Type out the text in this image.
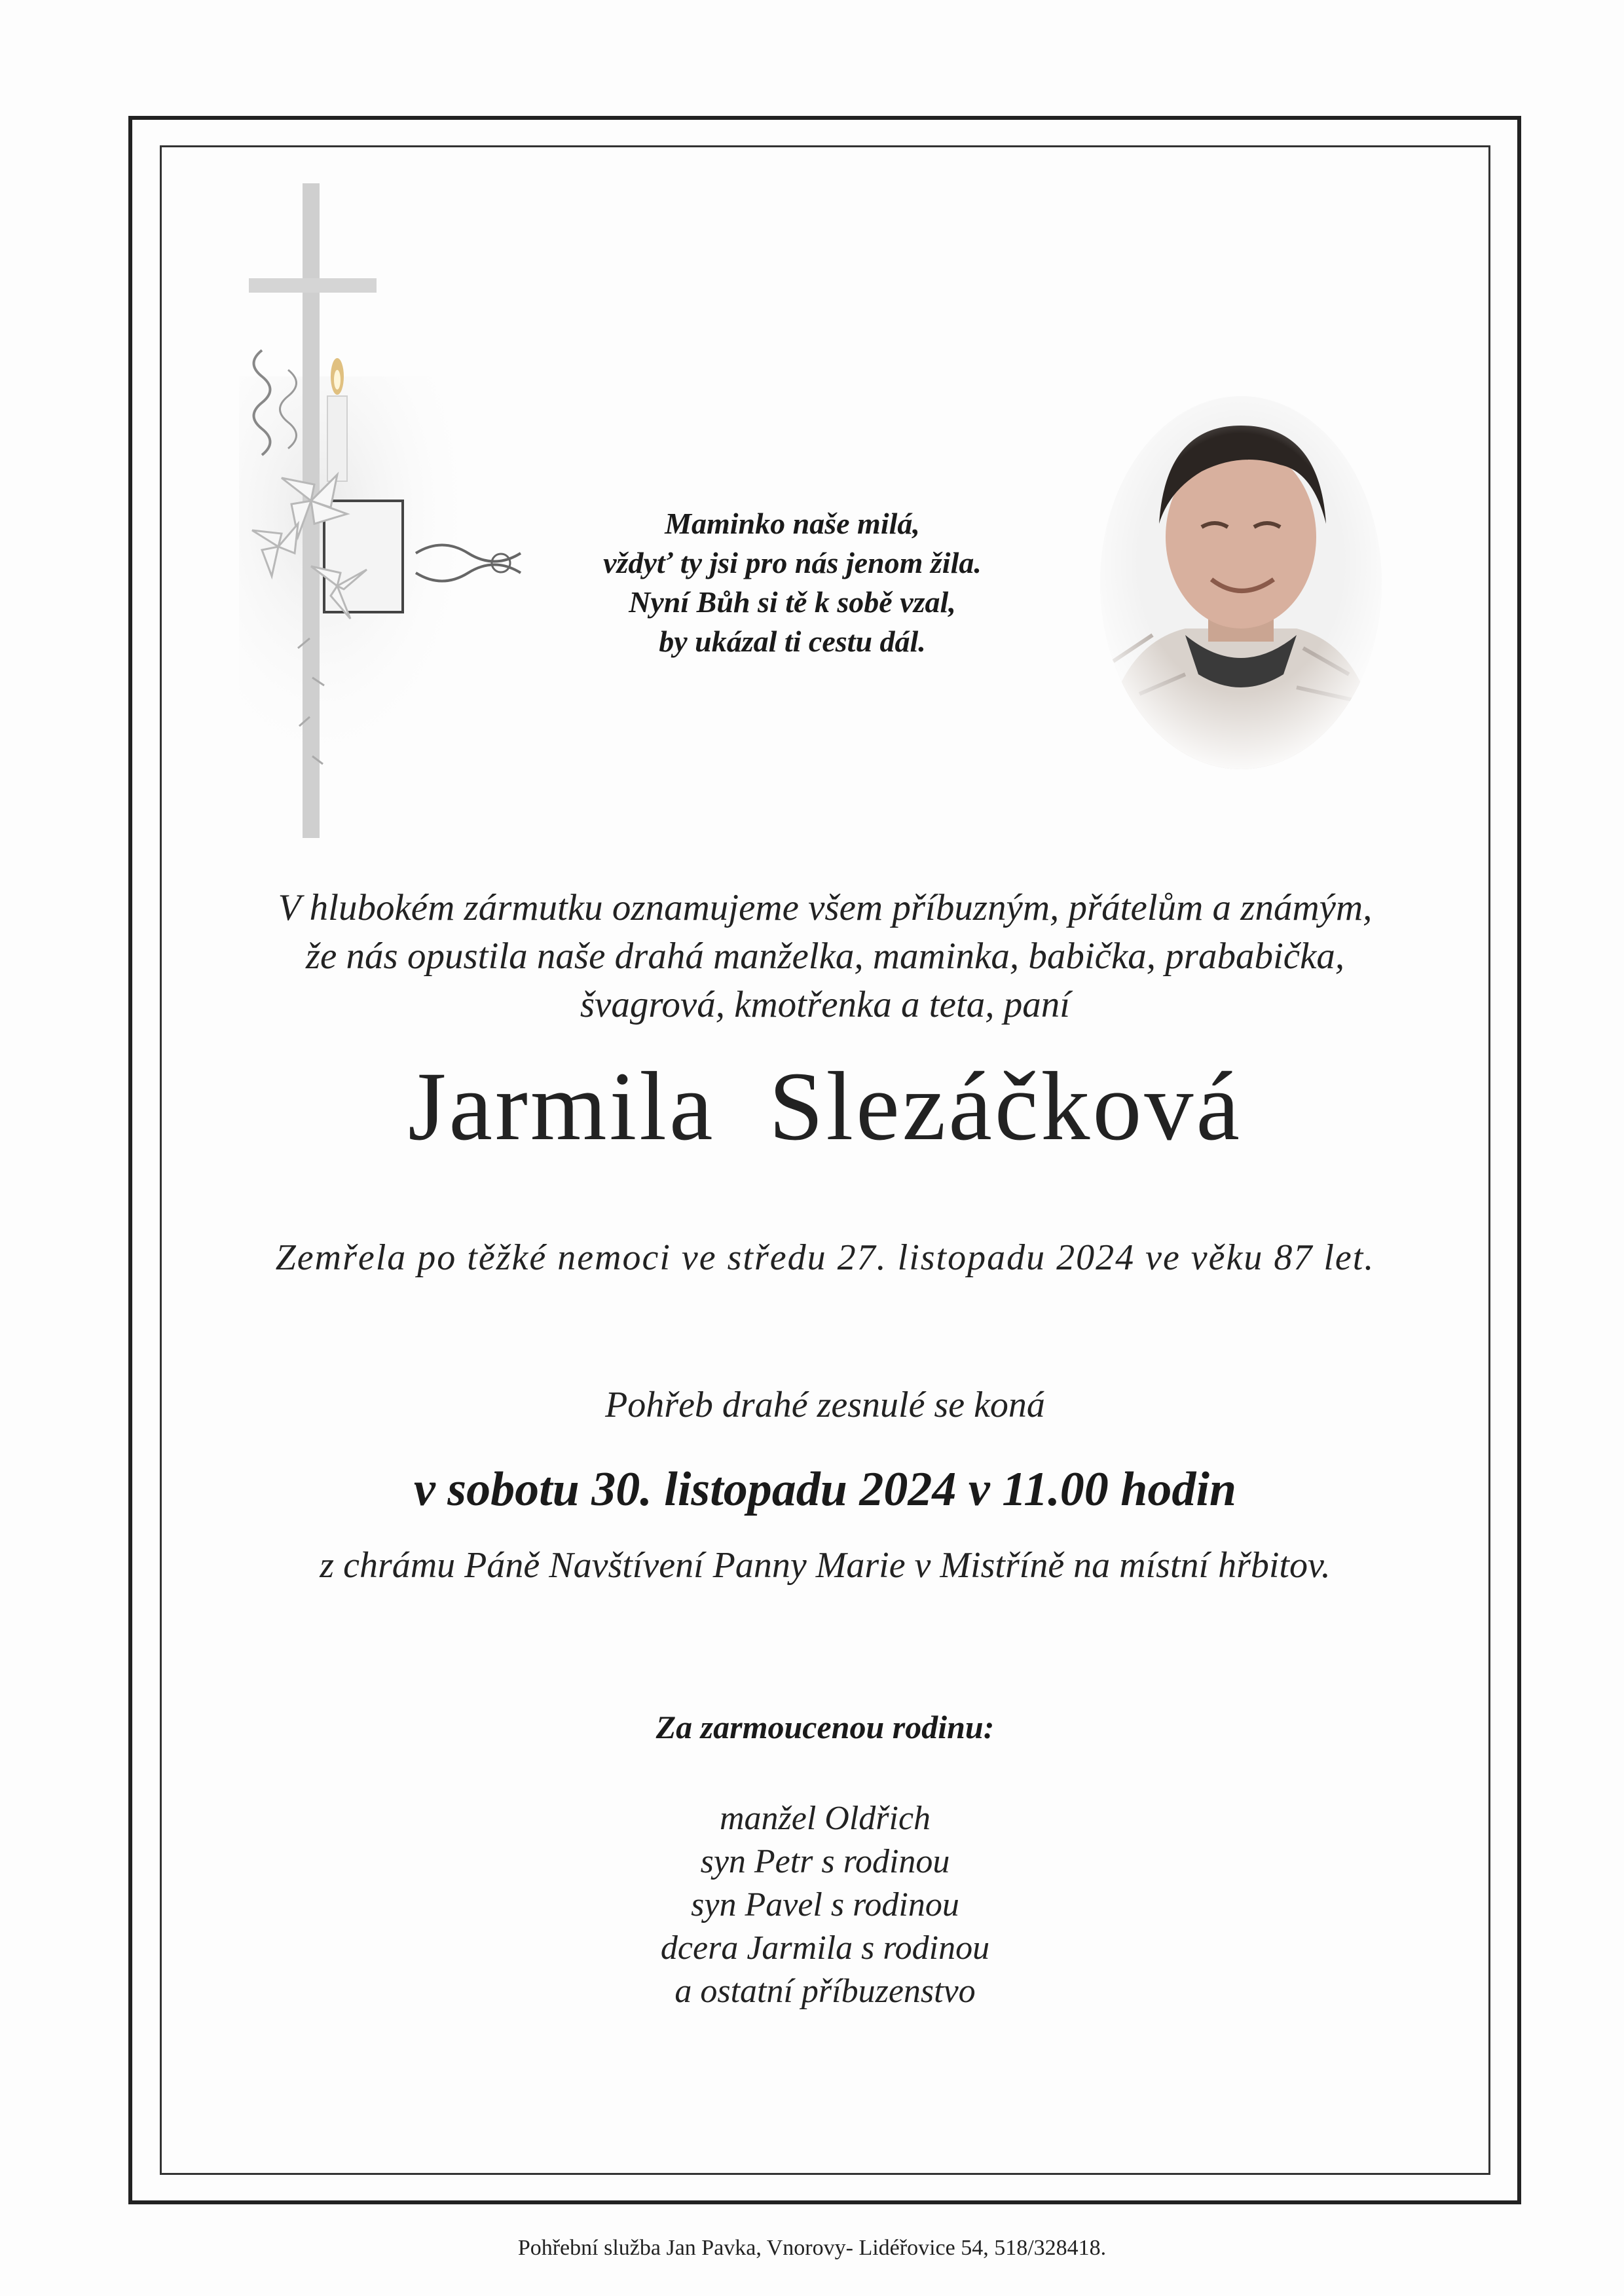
Maminko naše milá,
vždyť ty jsi pro nás jenom žila.
Nyní Bůh si tě k sobě vzal,
by ukázal ti cestu dál.
V hlubokém zármutku oznamujeme všem příbuzným, přátelům a známým,
že nás opustila naše drahá manželka, maminka, babička, prababička,
švagrová, kmotřenka a teta, paní
Jarmila Slezáčková
Zemřela po těžké nemoci ve středu 27. listopadu 2024 ve věku 87 let.
Pohřeb drahé zesnulé se koná
v sobotu 30. listopadu 2024 v 11.00 hodin
z chrámu Páně Navštívení Panny Marie v Mistříně na místní hřbitov.
Za zarmoucenou rodinu:
manžel Oldřich
syn Petr s rodinou
syn Pavel s rodinou
dcera Jarmila s rodinou
a ostatní příbuzenstvo
Pohřební služba Jan Pavka, Vnorovy- Lidéřovice 54, 518/328418.
